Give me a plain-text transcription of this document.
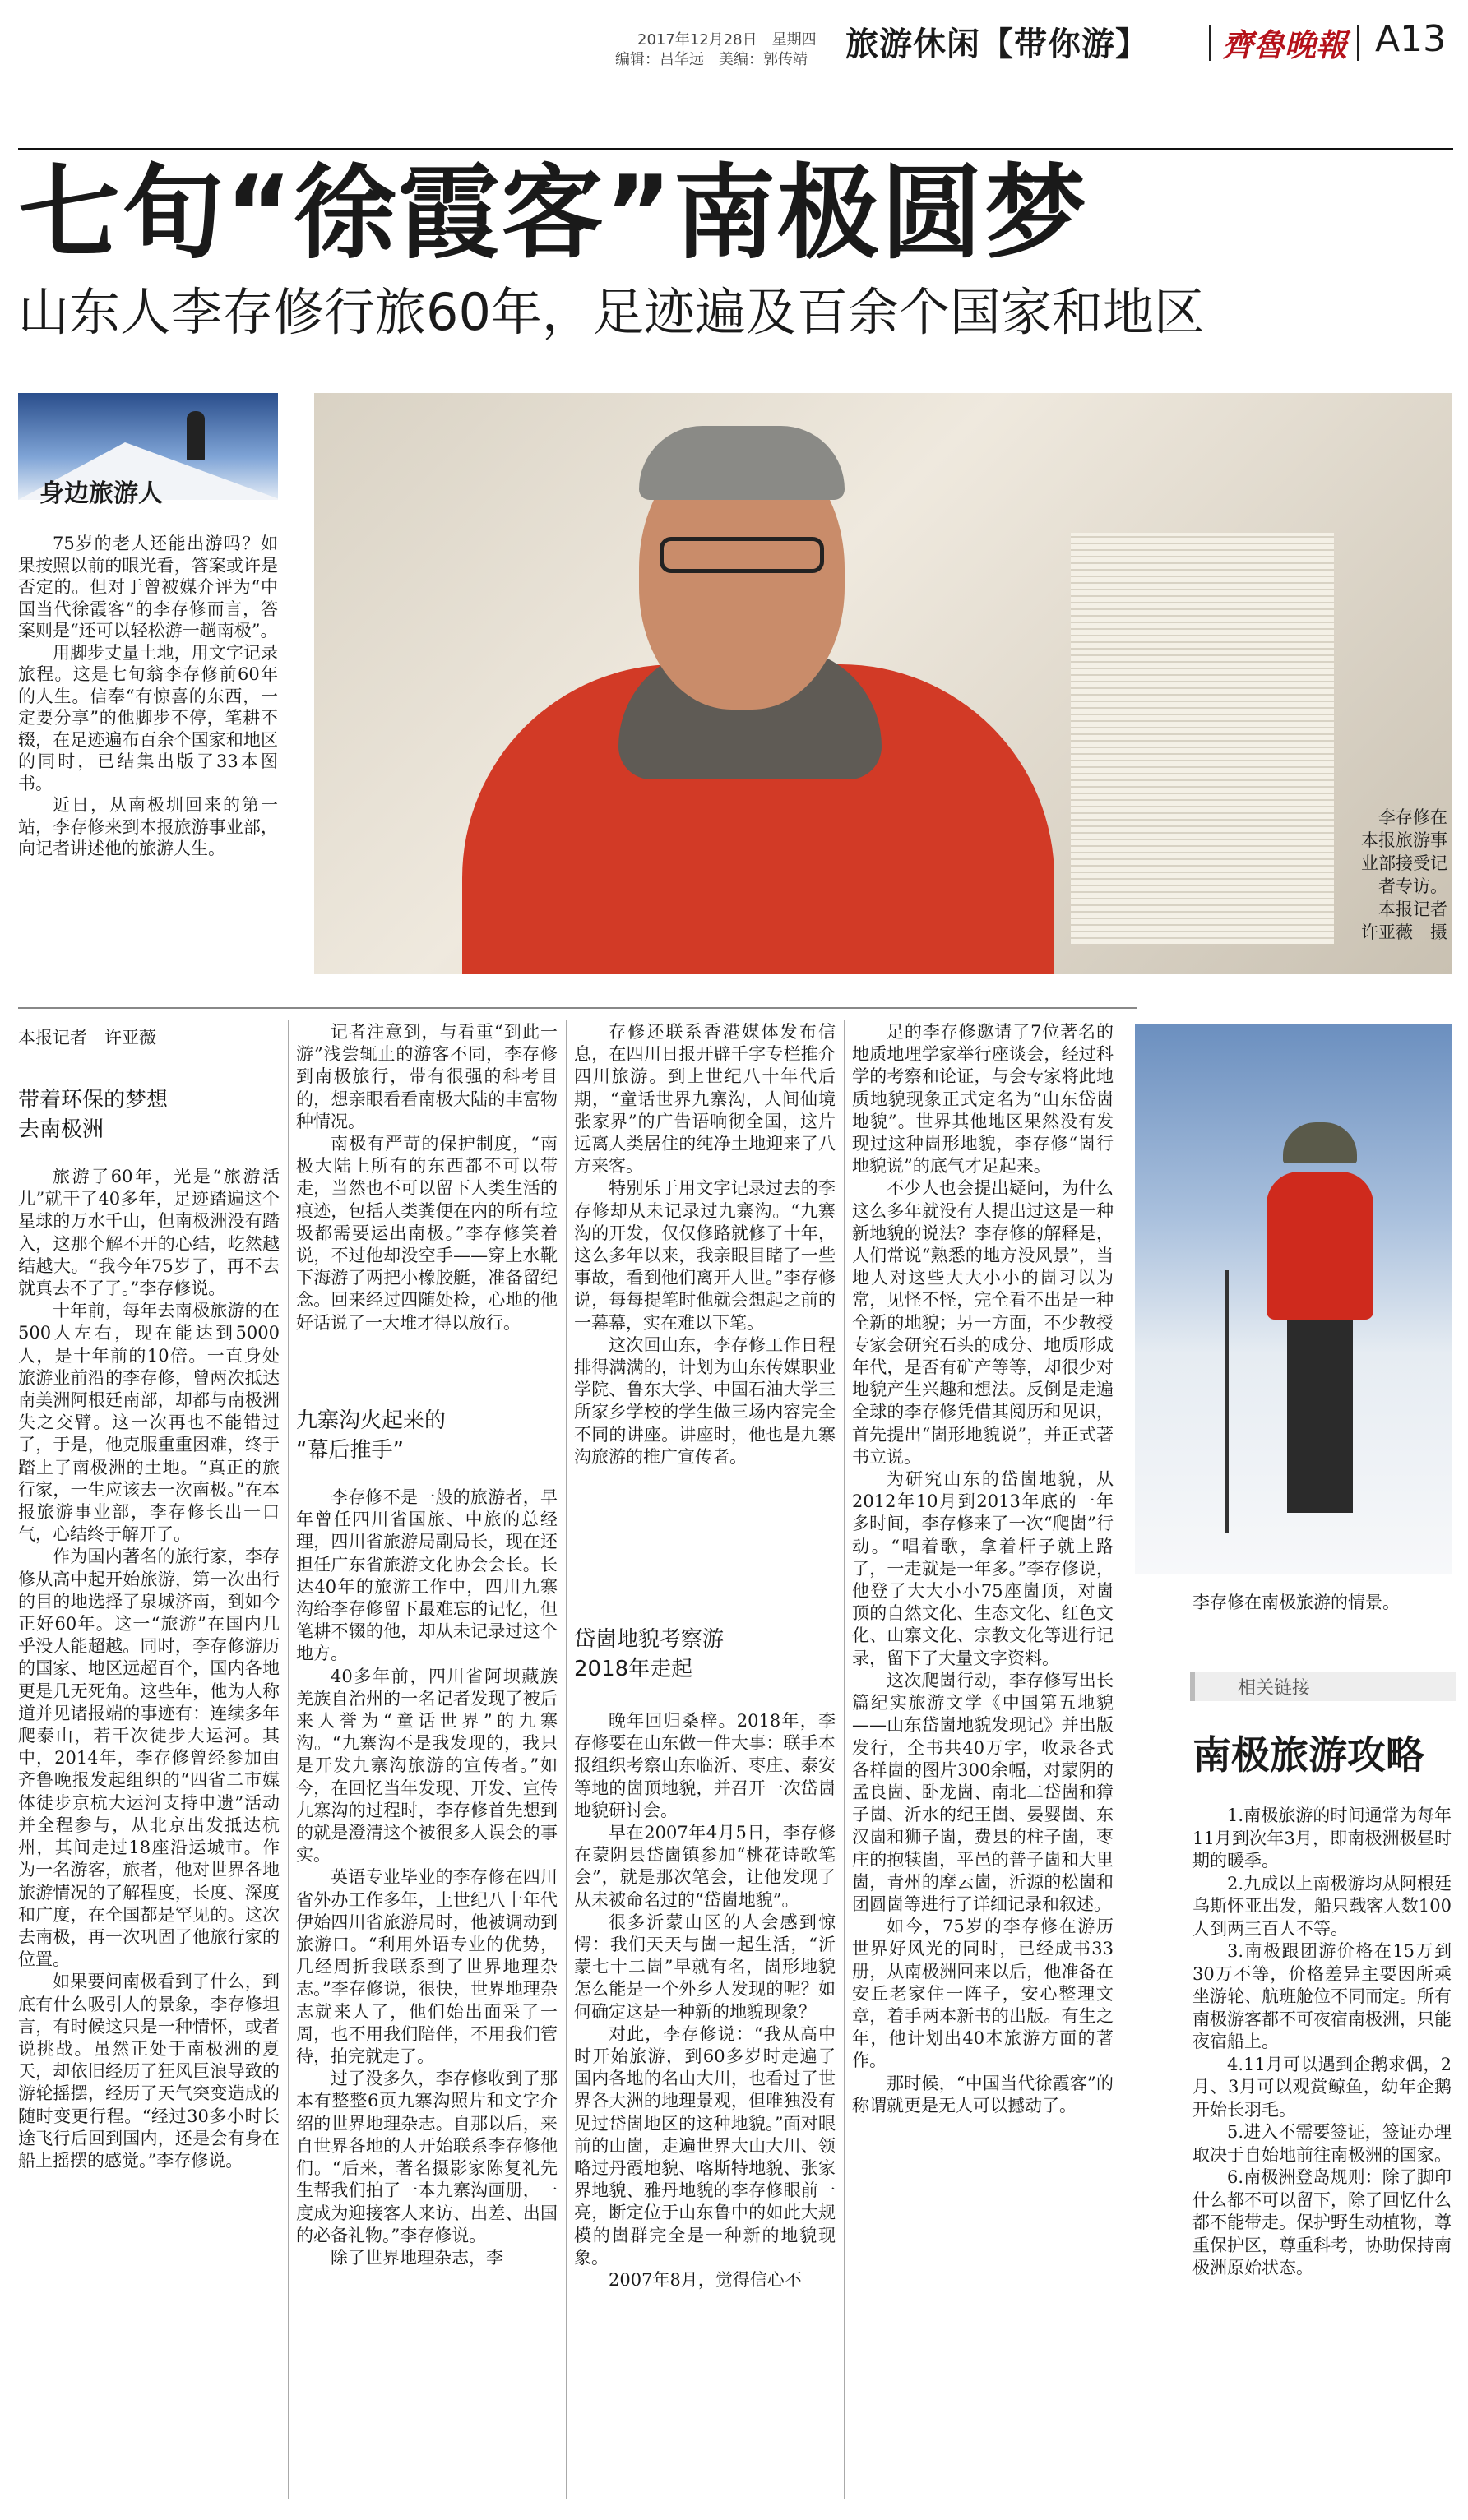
2017年12月28日　星期四
编辑：吕华远　美编：郭传靖 旅游休闲【带你游】 齊魯晚報 A13
七旬“徐霞客”南极圆梦
山东人李存修行旅60年，足迹遍及百余个国家和地区
身边旅游人

75岁的老人还能出游吗？如果按照以前的眼光看，答案或许是否定的。但对于曾被媒介评为“中国当代徐霞客”的李存修而言，答案则是“还可以轻松游一趟南极”。

用脚步丈量土地，用文字记录旅程。这是七旬翁李存修前60年的人生。信奉“有惊喜的东西，一定要分享”的他脚步不停，笔耕不辍，在足迹遍布百余个国家和地区的同时，已结集出版了33本图书。

近日，从南极圳回来的第一站，李存修来到本报旅游事业部，向记者讲述他的旅游人生。

李存修在
本报旅游事
业部接受记
者专访。
本报记者
许亚薇　摄
本报记者　许亚薇
带着环保的梦想
去南极洲

旅游了60年，光是“旅游活儿”就干了40多年，足迹踏遍这个星球的万水千山，但南极洲没有踏入，这那个解不开的心结，屹然越结越大。“我今年75岁了，再不去就真去不了了。”李存修说。

十年前，每年去南极旅游的在500人左右，现在能达到5000人，是十年前的10倍。一直身处旅游业前沿的李存修，曾两次抵达南美洲阿根廷南部，却都与南极洲失之交臂。这一次再也不能错过了，于是，他克服重重困难，终于踏上了南极洲的土地。“真正的旅行家，一生应该去一次南极。”在本报旅游事业部，李存修长出一口气，心结终于解开了。

作为国内著名的旅行家，李存修从高中起开始旅游，第一次出行的目的地选择了泉城济南，到如今正好60年。这一“旅游”在国内几乎没人能超越。同时，李存修游历的国家、地区远超百个，国内各地更是几无死角。这些年，他为人称道并见诸报端的事迹有：连续多年爬泰山，若干次徒步大运河。其中，2014年，李存修曾经参加由齐鲁晚报发起组织的“四省二市媒体徒步京杭大运河支持申遗”活动并全程参与，从北京出发抵达杭州，其间走过18座沿运城市。作为一名游客，旅者，他对世界各地旅游情况的了解程度，长度、深度和广度，在全国都是罕见的。这次去南极，再一次巩固了他旅行家的位置。

如果要问南极看到了什么，到底有什么吸引人的景象，李存修坦言，有时候这只是一种情怀，或者说挑战。虽然正处于南极洲的夏天，却依旧经历了狂风巨浪导致的游轮摇摆，经历了天气突变造成的随时变更行程。“经过30多小时长途飞行后回到国内，还是会有身在船上摇摆的感觉。”李存修说。

记者注意到，与看重“到此一游”浅尝辄止的游客不同，李存修到南极旅行，带有很强的科考目的，想亲眼看看南极大陆的丰富物种情况。

南极有严苛的保护制度，“南极大陆上所有的东西都不可以带走，当然也不可以留下人类生活的痕迹，包括人类粪便在内的所有垃圾都需要运出南极。”李存修笑着说，不过他却没空手——穿上水靴下海游了两把小橡胶艇，准备留纪念。回来经过四随处检，心地的他好话说了一大堆才得以放行。

九寨沟火起来的
“幕后推手”

李存修不是一般的旅游者，早年曾任四川省国旅、中旅的总经理，四川省旅游局副局长，现在还担任广东省旅游文化协会会长。长达40年的旅游工作中，四川九寨沟给李存修留下最难忘的记忆，但笔耕不辍的他，却从未记录过这个地方。

40多年前，四川省阿坝藏族羌族自治州的一名记者发现了被后来人誉为“童话世界”的九寨沟。“九寨沟不是我发现的，我只是开发九寨沟旅游的宣传者。”如今，在回忆当年发现、开发、宣传九寨沟的过程时，李存修首先想到的就是澄清这个被很多人误会的事实。

英语专业毕业的李存修在四川省外办工作多年，上世纪八十年代伊始四川省旅游局时，他被调动到旅游口。“利用外语专业的优势，几经周折我联系到了世界地理杂志。”李存修说，很快，世界地理杂志就来人了，他们始出面采了一周，也不用我们陪伴，不用我们管待，拍完就走了。

过了没多久，李存修收到了那本有整整6页九寨沟照片和文字介绍的世界地理杂志。自那以后，来自世界各地的人开始联系李存修他们。“后来，著名摄影家陈复礼先生帮我们拍了一本九寨沟画册，一度成为迎接客人来访、出差、出国的必备礼物。”李存修说。

除了世界地理杂志，李

存修还联系香港媒体发布信息，在四川日报开辟千字专栏推介四川旅游。到上世纪八十年代后期，“童话世界九寨沟，人间仙境张家界”的广告语响彻全国，这片远离人类居住的纯净土地迎来了八方来客。

特别乐于用文字记录过去的李存修却从未记录过九寨沟。“九寨沟的开发，仅仅修路就修了十年，这么多年以来，我亲眼目睹了一些事故，看到他们离开人世。”李存修说，每每提笔时他就会想起之前的一幕幕，实在难以下笔。

这次回山东，李存修工作日程排得满满的，计划为山东传媒职业学院、鲁东大学、中国石油大学三所家乡学校的学生做三场内容完全不同的讲座。讲座时，他也是九寨沟旅游的推广宣传者。

岱崮地貌考察游
2018年走起

晚年回归桑梓。2018年，李存修要在山东做一件大事：联手本报组织考察山东临沂、枣庄、泰安等地的崮顶地貌，并召开一次岱崮地貌研讨会。

早在2007年4月5日，李存修在蒙阴县岱崮镇参加“桃花诗歌笔会”，就是那次笔会，让他发现了从未被命名过的“岱崮地貌”。

很多沂蒙山区的人会感到惊愕：我们天天与崮一起生活，“沂蒙七十二崮”早就有名，崮形地貌怎么能是一个外乡人发现的呢？如何确定这是一种新的地貌现象？

对此，李存修说：“我从高中时开始旅游，到60多岁时走遍了国内各地的名山大川，也看过了世界各大洲的地理景观，但唯独没有见过岱崮地区的这种地貌。”面对眼前的山崮，走遍世界大山大川、领略过丹霞地貌、喀斯特地貌、张家界地貌、雅丹地貌的李存修眼前一亮，断定位于山东鲁中的如此大规模的崮群完全是一种新的地貌现象。

2007年8月，觉得信心不

足的李存修邀请了7位著名的地质地理学家举行座谈会，经过科学的考察和论证，与会专家将此地质地貌现象正式定名为“山东岱崮地貌”。世界其他地区果然没有发现过这种崮形地貌，李存修“崮行地貌说”的底气才足起来。

不少人也会提出疑问，为什么这么多年就没有人提出过这是一种新地貌的说法？李存修的解释是，人们常说“熟悉的地方没风景”，当地人对这些大大小小的崮习以为常，见怪不怪，完全看不出是一种全新的地貌；另一方面，不少教授专家会研究石头的成分、地质形成年代，是否有矿产等等，却很少对地貌产生兴趣和想法。反倒是走遍全球的李存修凭借其阅历和见识，首先提出“崮形地貌说”，并正式著书立说。

为研究山东的岱崮地貌，从2012年10月到2013年底的一年多时间，李存修来了一次“爬崮”行动。“唱着歌，拿着杆子就上路了，一走就是一年多。”李存修说，他登了大大小小75座崮顶，对崮顶的自然文化、生态文化、红色文化、山寨文化、宗教文化等进行记录，留下了大量文字资料。

这次爬崮行动，李存修写出长篇纪实旅游文学《中国第五地貌——山东岱崮地貌发现记》并出版发行，全书共40万字，收录各式各样崮的图片300余幅，对蒙阴的孟良崮、卧龙崮、南北二岱崮和獐子崮、沂水的纪王崮、晏婴崮、东汉崮和狮子崮，费县的柱子崮，枣庄的抱犊崮，平邑的普子崮和大里崮，青州的摩云崮，沂源的松崮和团圆崮等进行了详细记录和叙述。

如今，75岁的李存修在游历世界好风光的同时，已经成书33册，从南极洲回来以后，他准备在安丘老家住一阵子，安心整理文章，着手两本新书的出版。有生之年，他计划出40本旅游方面的著作。

那时候，“中国当代徐霞客”的称谓就更是无人可以撼动了。

李存修在南极旅游的情景。
相关链接
南极旅游攻略

1.南极旅游的时间通常为每年11月到次年3月，即南极洲极昼时期的暖季。

2.九成以上南极游均从阿根廷乌斯怀亚出发，船只载客人数100人到两三百人不等。

3.南极跟团游价格在15万到30万不等，价格差异主要因所乘坐游轮、航班舱位不同而定。所有南极游客都不可夜宿南极洲，只能夜宿船上。

4.11月可以遇到企鹅求偶，2月、3月可以观赏鲸鱼，幼年企鹅开始长羽毛。

5.进入不需要签证，签证办理取决于自始地前往南极洲的国家。

6.南极洲登岛规则：除了脚印什么都不可以留下，除了回忆什么都不能带走。保护野生动植物，尊重保护区，尊重科考，协助保持南极洲原始状态。
